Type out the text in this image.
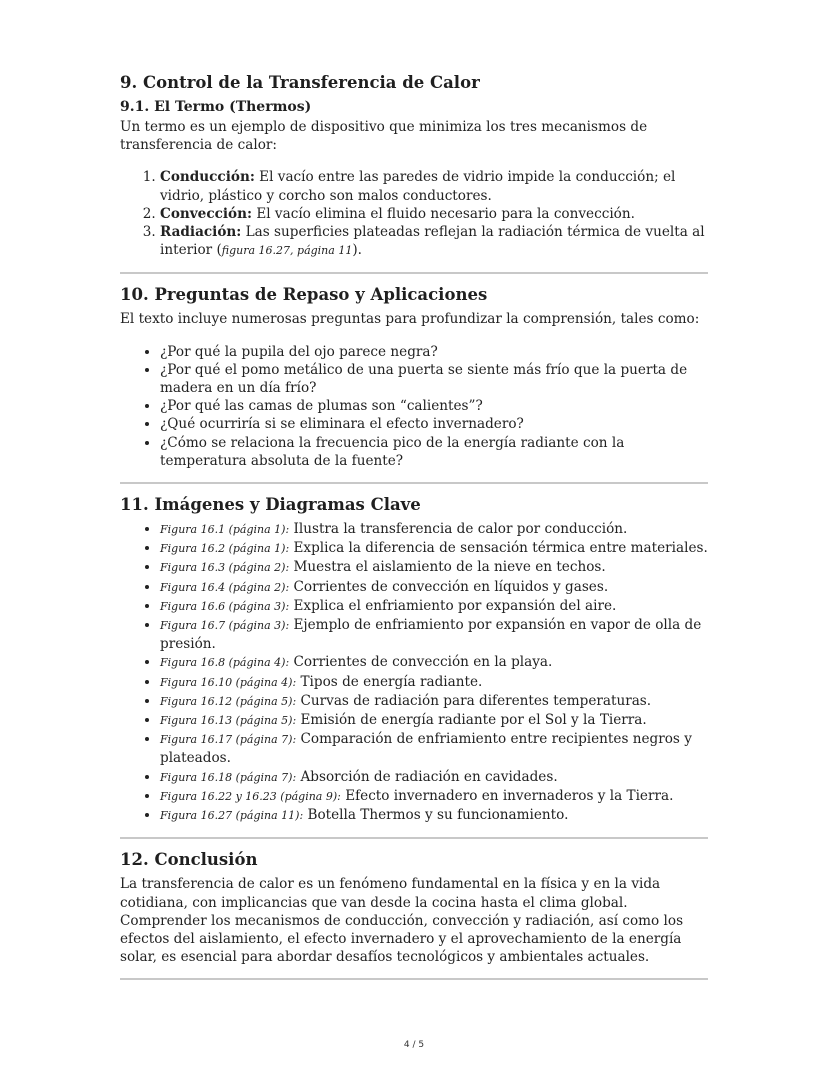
9. Control de la Transferencia de Calor
9.1. El Termo (Thermos)

Un termo es un ejemplo de dispositivo que minimiza los tres mecanismos de transferencia de calor:

1. Conducción: El vacío entre las paredes de vidrio impide la conducción; el vidrio, plástico y corcho son malos conductores.
2. Convección: El vacío elimina el fluido necesario para la convección.
3. Radiación: Las superficies plateadas reflejan la radiación térmica de vuelta al interior (figura 16.27, página 11).
10. Preguntas de Repaso y Aplicaciones

El texto incluye numerosas preguntas para profundizar la comprensión, tales como:

• ¿Por qué la pupila del ojo parece negra?
• ¿Por qué el pomo metálico de una puerta se siente más frío que la puerta de madera en un día frío?
• ¿Por qué las camas de plumas son “calientes”?
• ¿Qué ocurriría si se eliminara el efecto invernadero?
• ¿Cómo se relaciona la frecuencia pico de la energía radiante con la temperatura absoluta de la fuente?
11. Imágenes y Diagramas Clave
• Figura 16.1 (página 1): Ilustra la transferencia de calor por conducción.
• Figura 16.2 (página 1): Explica la diferencia de sensación térmica entre materiales.
• Figura 16.3 (página 2): Muestra el aislamiento de la nieve en techos.
• Figura 16.4 (página 2): Corrientes de convección en líquidos y gases.
• Figura 16.6 (página 3): Explica el enfriamiento por expansión del aire.
• Figura 16.7 (página 3): Ejemplo de enfriamiento por expansión en vapor de olla de presión.
• Figura 16.8 (página 4): Corrientes de convección en la playa.
• Figura 16.10 (página 4): Tipos de energía radiante.
• Figura 16.12 (página 5): Curvas de radiación para diferentes temperaturas.
• Figura 16.13 (página 5): Emisión de energía radiante por el Sol y la Tierra.
• Figura 16.17 (página 7): Comparación de enfriamiento entre recipientes negros y plateados.
• Figura 16.18 (página 7): Absorción de radiación en cavidades.
• Figura 16.22 y 16.23 (página 9): Efecto invernadero en invernaderos y la Tierra.
• Figura 16.27 (página 11): Botella Thermos y su funcionamiento.
12. Conclusión

La transferencia de calor es un fenómeno fundamental en la física y en la vida cotidiana, con implicancias que van desde la cocina hasta el clima global. Comprender los mecanismos de conducción, convección y radiación, así como los efectos del aislamiento, el efecto invernadero y el aprovechamiento de la energía solar, es esencial para abordar desafíos tecnológicos y ambientales actuales.

4 / 5
